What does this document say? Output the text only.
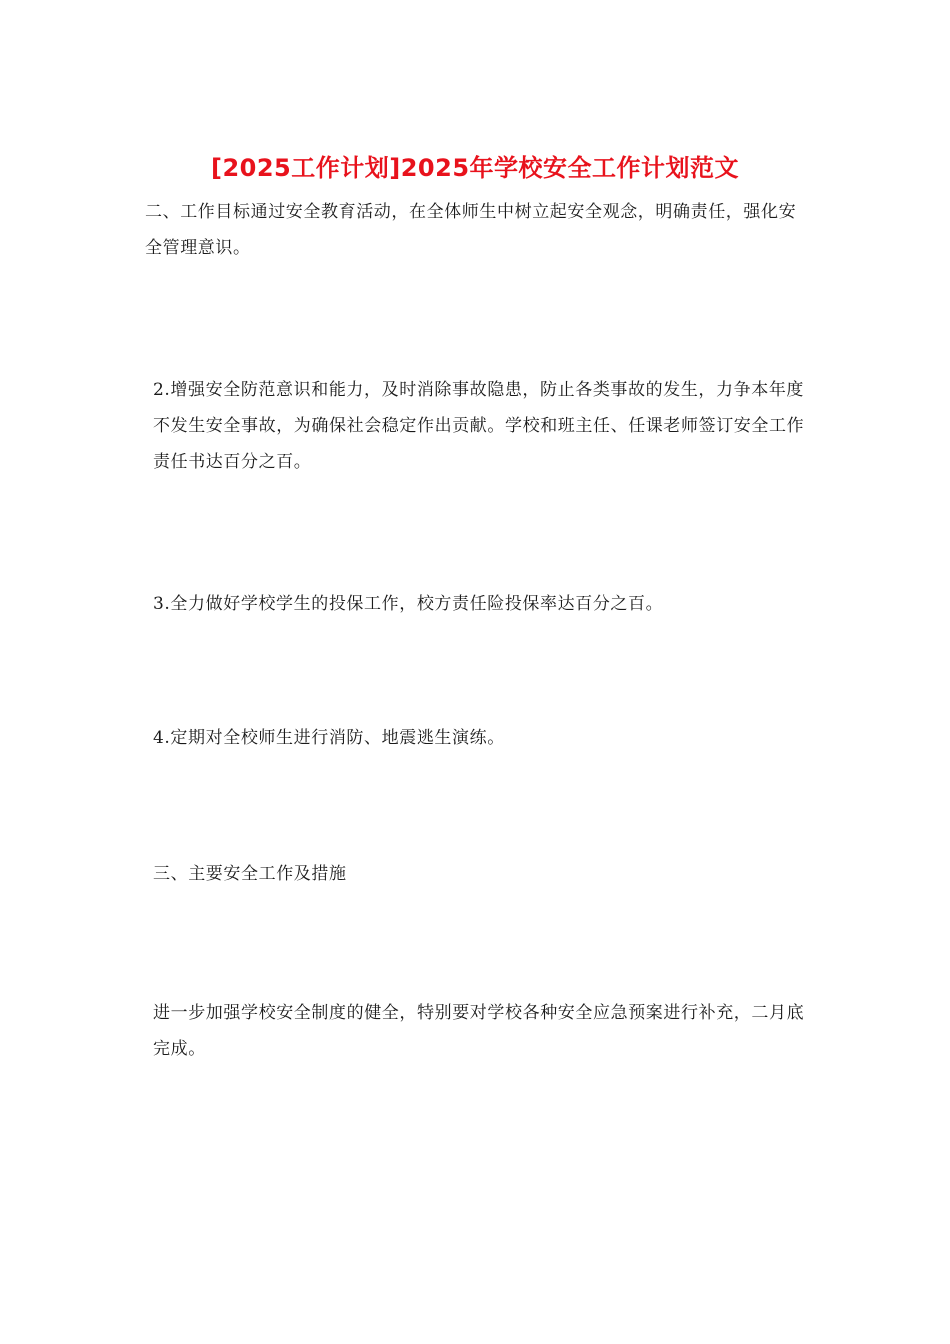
[2025工作计划]2025年学校安全工作计划范文
二、工作目标通过安全教育活动，在全体师生中树立起安全观念，明确责任，强化安全管理意识。
2.增强安全防范意识和能力，及时消除事故隐患，防止各类事故的发生，力争本年度不发生安全事故，为确保社会稳定作出贡献。学校和班主任、任课老师签订安全工作责任书达百分之百。
3.全力做好学校学生的投保工作，校方责任险投保率达百分之百。
4.定期对全校师生进行消防、地震逃生演练。
三、主要安全工作及措施
进一步加强学校安全制度的健全，特别要对学校各种安全应急预案进行补充，二月底完成。
